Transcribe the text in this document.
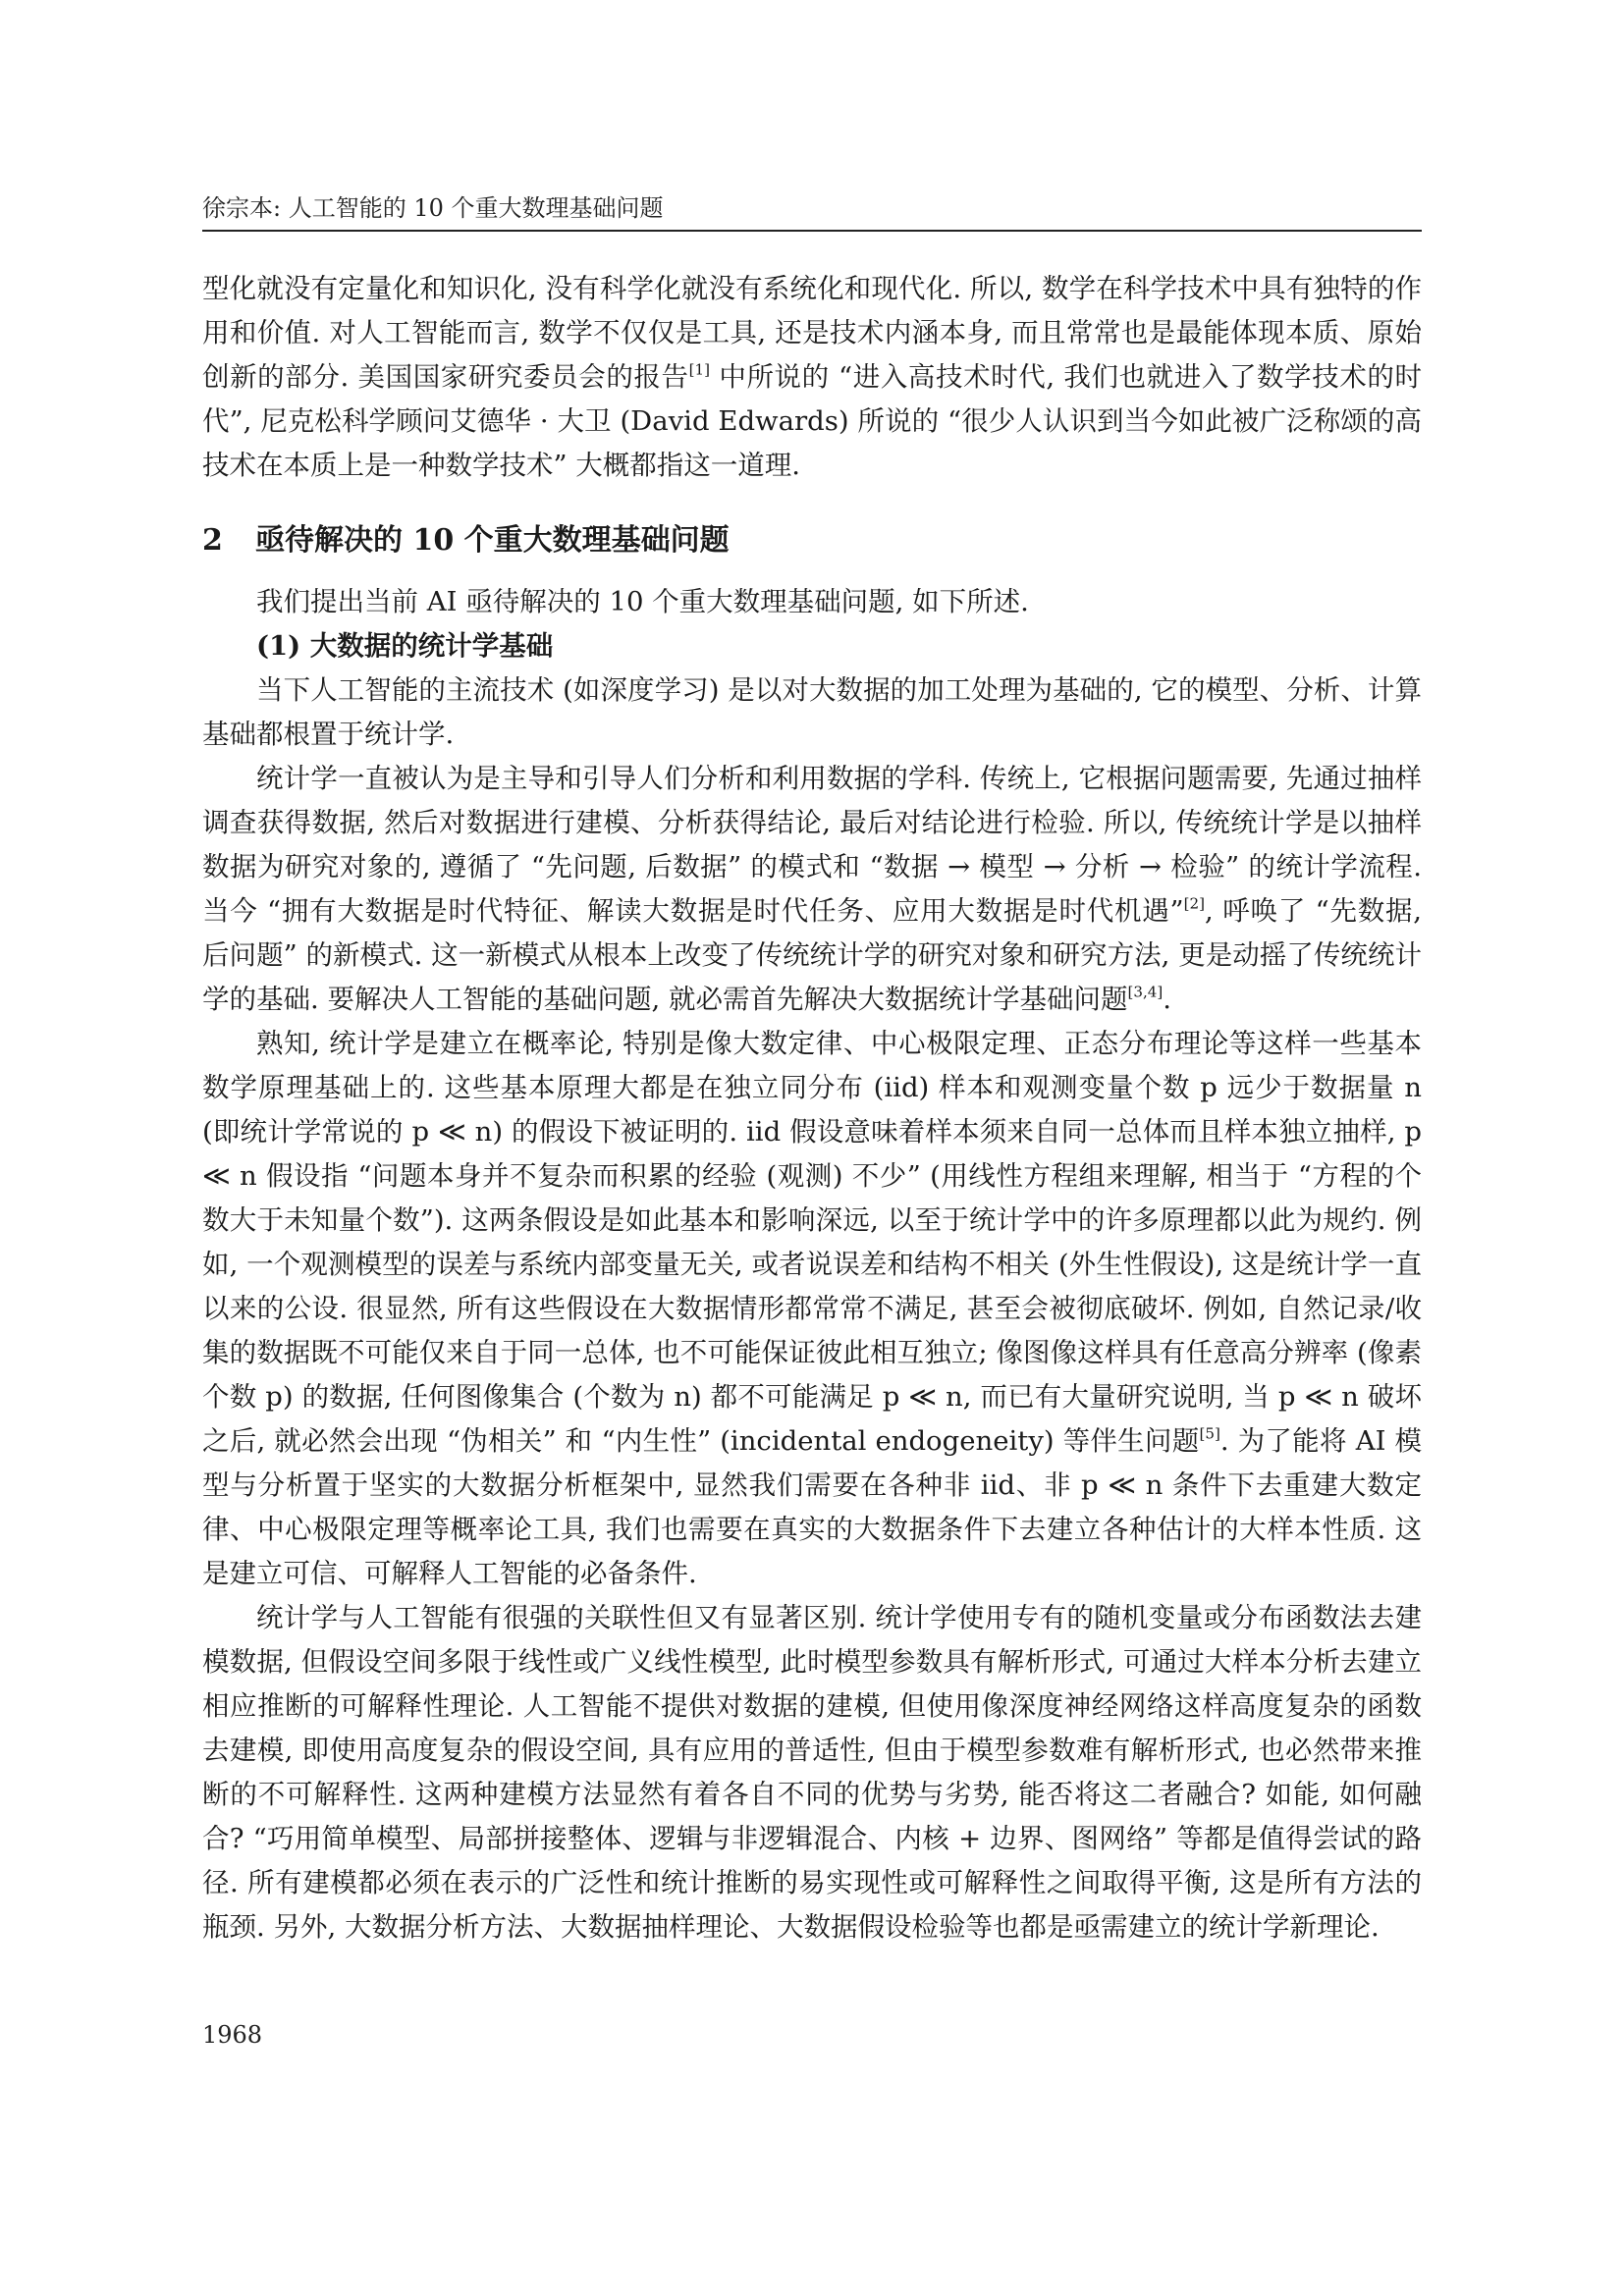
徐宗本: 人工智能的 10 个重大数理基础问题

型化就没有定量化和知识化, 没有科学化就没有系统化和现代化. 所以, 数学在科学技术中具有独特的作用和价值. 对人工智能而言, 数学不仅仅是工具, 还是技术内涵本身, 而且常常也是最能体现本质、原始创新的部分. 美国国家研究委员会的报告[1] 中所说的 “进入高技术时代, 我们也就进入了数学技术的时代”, 尼克松科学顾问艾德华 · 大卫 (David Edwards) 所说的 “很少人认识到当今如此被广泛称颂的高技术在本质上是一种数学技术” 大概都指这一道理.

2 亟待解决的 10 个重大数理基础问题

我们提出当前 AI 亟待解决的 10 个重大数理基础问题, 如下所述.

(1) 大数据的统计学基础

当下人工智能的主流技术 (如深度学习) 是以对大数据的加工处理为基础的, 它的模型、分析、计算基础都根置于统计学.

统计学一直被认为是主导和引导人们分析和利用数据的学科. 传统上, 它根据问题需要, 先通过抽样调查获得数据, 然后对数据进行建模、分析获得结论, 最后对结论进行检验. 所以, 传统统计学是以抽样数据为研究对象的, 遵循了 “先问题, 后数据” 的模式和 “数据 → 模型 → 分析 → 检验” 的统计学流程. 当今 “拥有大数据是时代特征、解读大数据是时代任务、应用大数据是时代机遇”[2], 呼唤了 “先数据, 后问题” 的新模式. 这一新模式从根本上改变了传统统计学的研究对象和研究方法, 更是动摇了传统统计学的基础. 要解决人工智能的基础问题, 就必需首先解决大数据统计学基础问题[3,4].

熟知, 统计学是建立在概率论, 特别是像大数定律、中心极限定理、正态分布理论等这样一些基本数学原理基础上的. 这些基本原理大都是在独立同分布 (iid) 样本和观测变量个数 p 远少于数据量 n (即统计学常说的 p ≪ n) 的假设下被证明的. iid 假设意味着样本须来自同一总体而且样本独立抽样, p ≪ n 假设指 “问题本身并不复杂而积累的经验 (观测) 不少” (用线性方程组来理解, 相当于 “方程的个数大于未知量个数”). 这两条假设是如此基本和影响深远, 以至于统计学中的许多原理都以此为规约. 例如, 一个观测模型的误差与系统内部变量无关, 或者说误差和结构不相关 (外生性假设), 这是统计学一直以来的公设. 很显然, 所有这些假设在大数据情形都常常不满足, 甚至会被彻底破坏. 例如, 自然记录/收集的数据既不可能仅来自于同一总体, 也不可能保证彼此相互独立; 像图像这样具有任意高分辨率 (像素个数 p) 的数据, 任何图像集合 (个数为 n) 都不可能满足 p ≪ n, 而已有大量研究说明, 当 p ≪ n 破坏之后, 就必然会出现 “伪相关” 和 “内生性” (incidental endogeneity) 等伴生问题[5]. 为了能将 AI 模型与分析置于坚实的大数据分析框架中, 显然我们需要在各种非 iid、非 p ≪ n 条件下去重建大数定律、中心极限定理等概率论工具, 我们也需要在真实的大数据条件下去建立各种估计的大样本性质. 这是建立可信、可解释人工智能的必备条件.

统计学与人工智能有很强的关联性但又有显著区别. 统计学使用专有的随机变量或分布函数法去建模数据, 但假设空间多限于线性或广义线性模型, 此时模型参数具有解析形式, 可通过大样本分析去建立相应推断的可解释性理论. 人工智能不提供对数据的建模, 但使用像深度神经网络这样高度复杂的函数去建模, 即使用高度复杂的假设空间, 具有应用的普适性, 但由于模型参数难有解析形式, 也必然带来推断的不可解释性. 这两种建模方法显然有着各自不同的优势与劣势, 能否将这二者融合? 如能, 如何融合? “巧用简单模型、局部拼接整体、逻辑与非逻辑混合、内核 + 边界、图网络” 等都是值得尝试的路径. 所有建模都必须在表示的广泛性和统计推断的易实现性或可解释性之间取得平衡, 这是所有方法的瓶颈. 另外, 大数据分析方法、大数据抽样理论、大数据假设检验等也都是亟需建立的统计学新理论.

1968
